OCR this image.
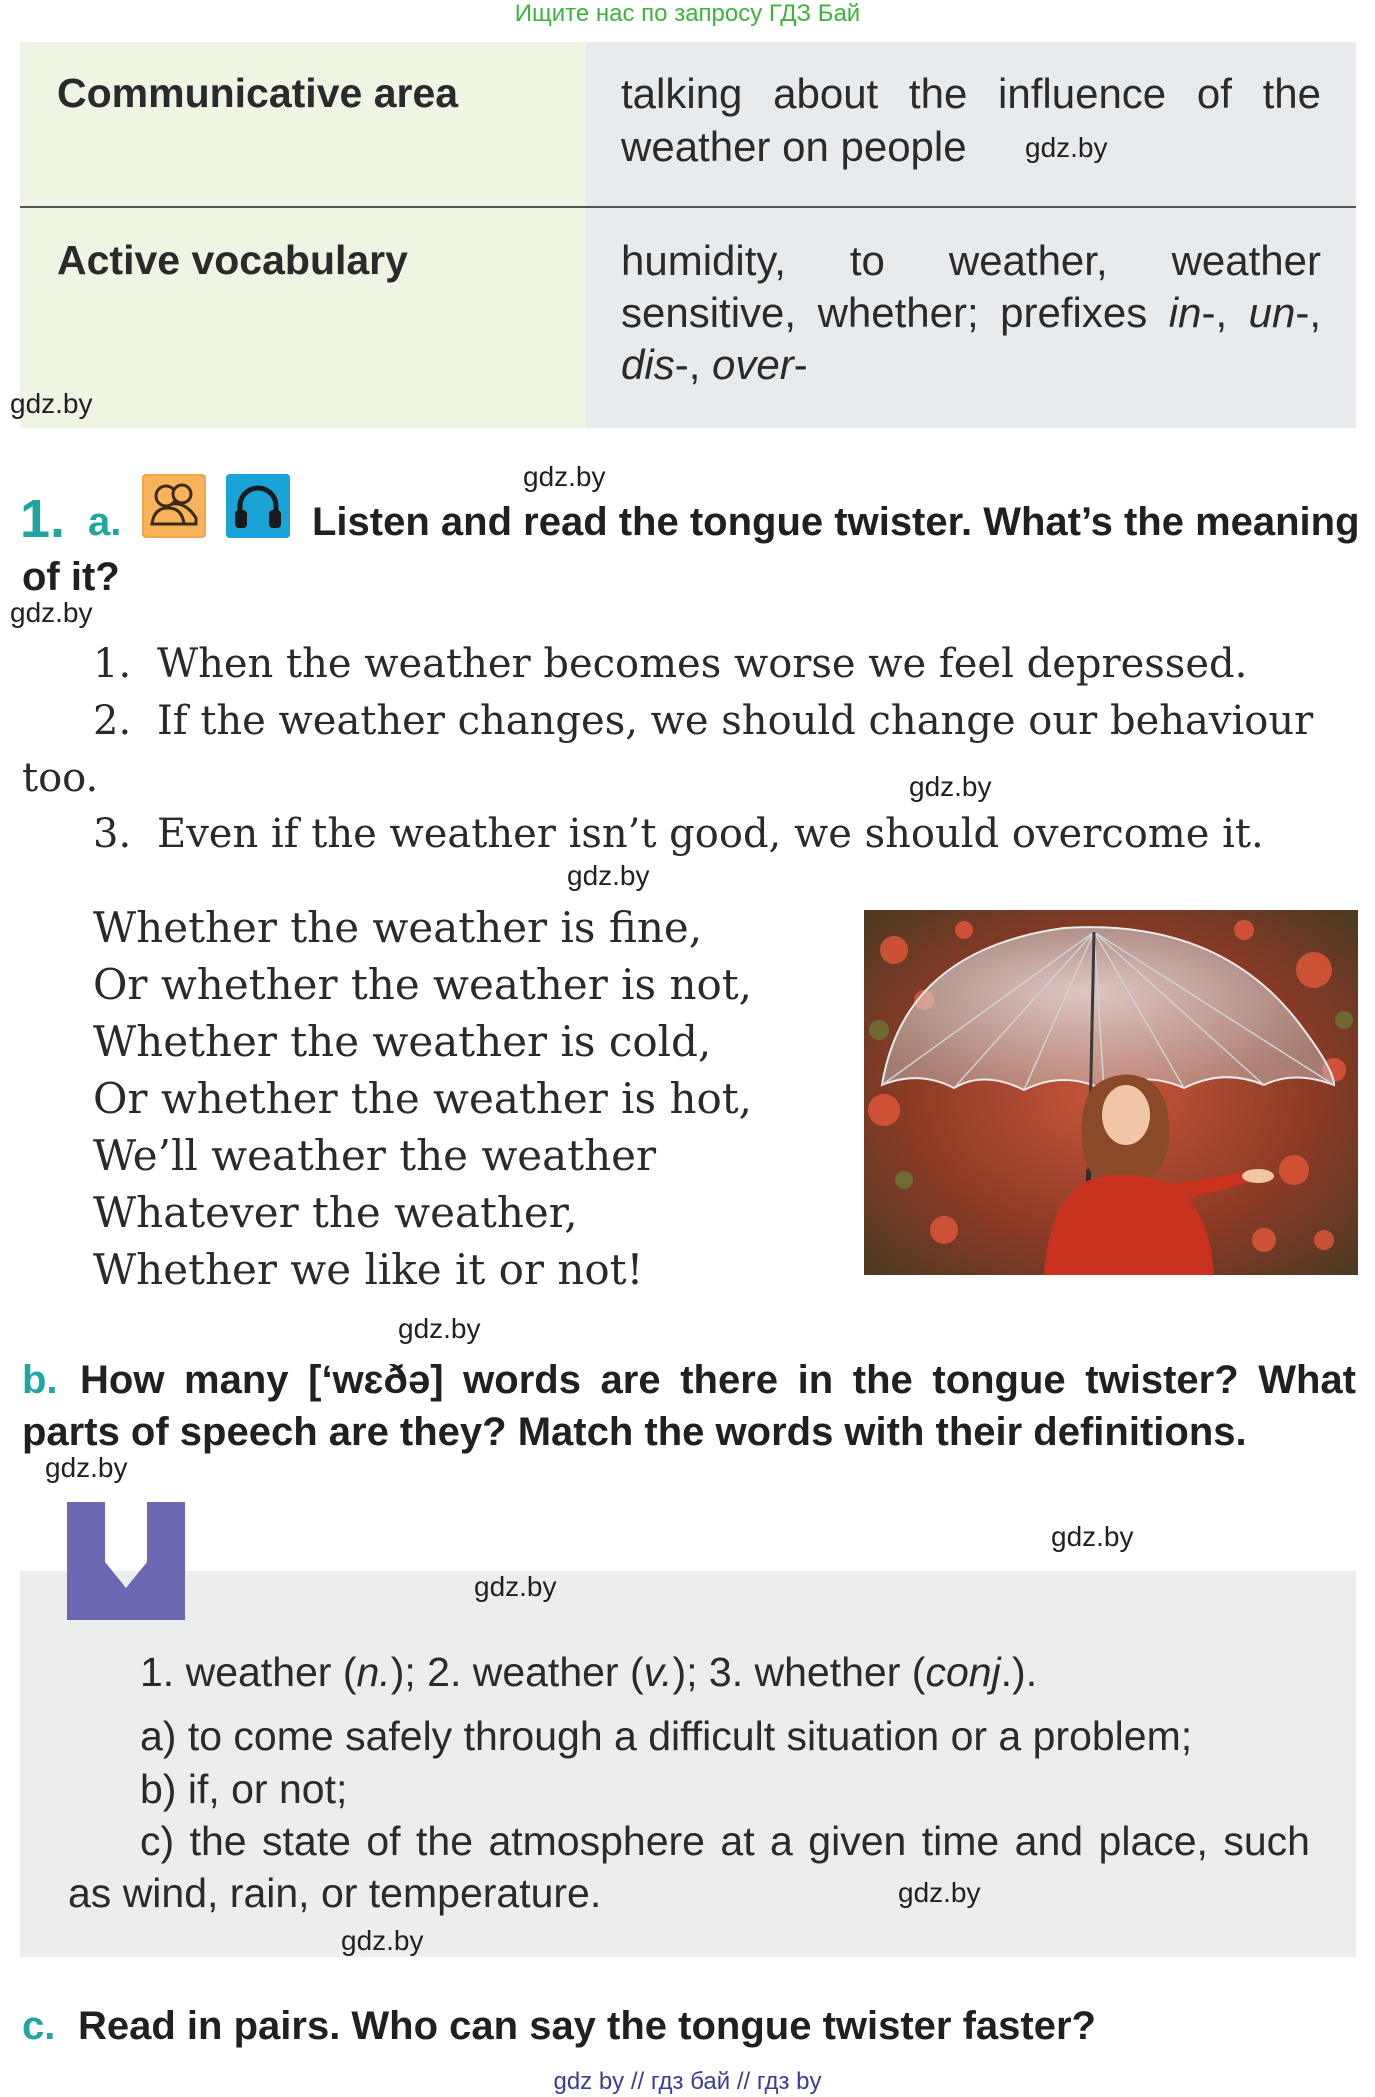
Ищите нас по запросу ГДЗ Бай
Communicative area	talking about the influence of the
weather on people gdz.by
Active vocabulary	humidity, to weather, weather
sensitive, whether; prefixes in-, un-,
dis-, over-
gdz.by
gdz.by
1. a.	Listen and read the tongue twister. What’s the meaning
of it?
gdz.by
1. When the weather becomes worse we feel depressed.
2. If the weather changes, we should change our behaviour
too.	gdz.by
3. Even if the weather isn’t good, we should overcome it.
gdz.by
Whether the weather is fine,
Or whether the weather is not,
Whether the weather is cold,
Or whether the weather is hot,
We’ll weather the weather
Whatever the weather,
Whether we like it or not!
gdz.by
b. How many [‘wɛðə] words are there in the tongue twister? What
parts of speech are they? Match the words with their definitions.
gdz.by
gdz.by
gdz.by
1. weather (n.); 2. weather (v.); 3. whether (conj.).
a) to come safely through a difficult situation or a problem;
b) if, or not;
c) the state of the atmosphere at a given time and place, such
as wind, rain, or temperature.	gdz.by
gdz.by
c. Read in pairs. Who can say the tongue twister faster?
gdz by // гдз бай // гдз by
